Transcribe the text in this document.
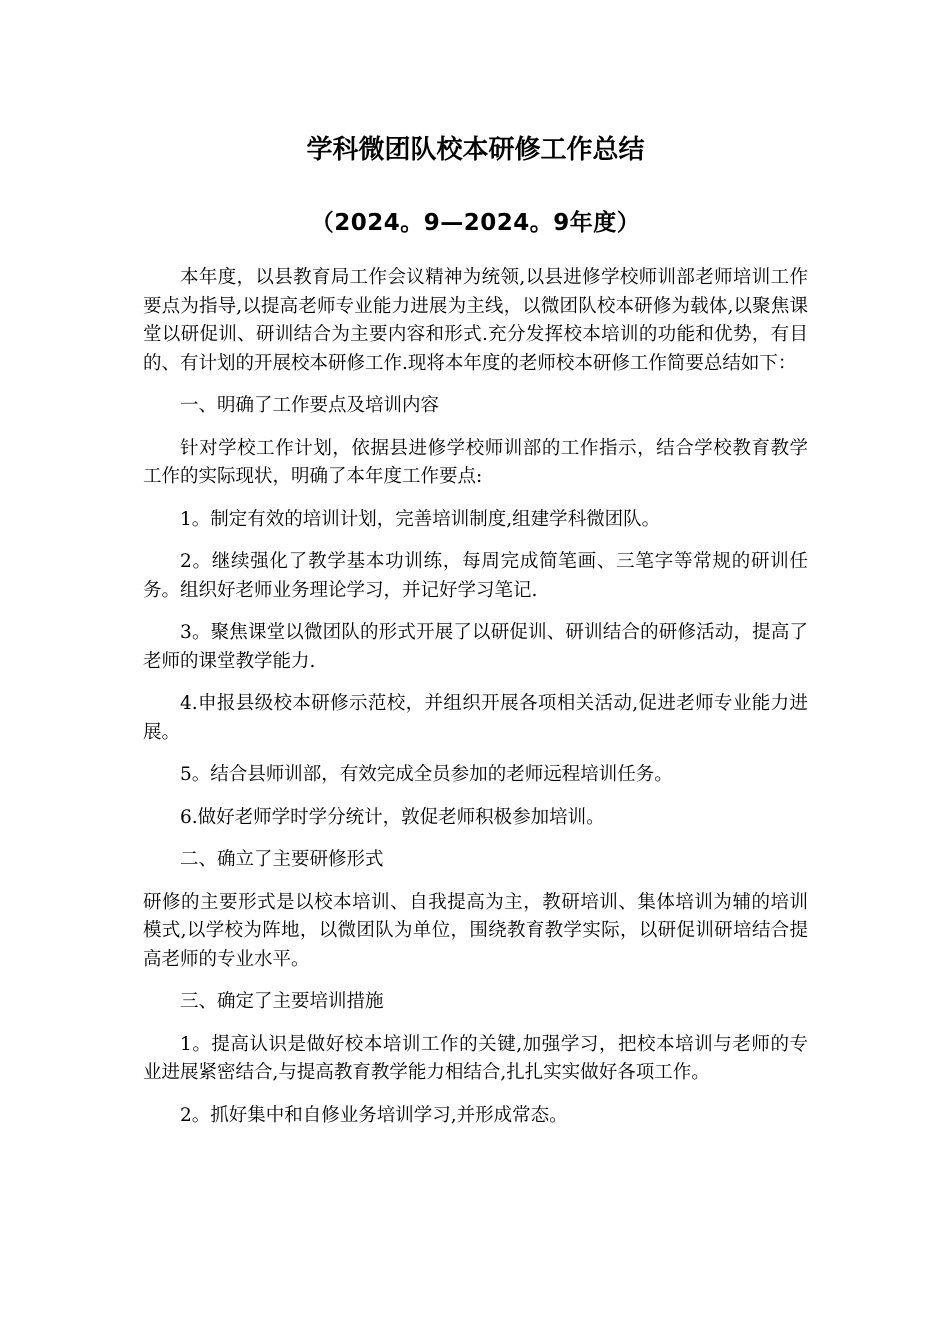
学科微团队校本研修工作总结
（2024。9—2024。9年度）

本年度，以县教育局工作会议精神为统领,以县进修学校师训部老师培训工作要点为指导,以提高老师专业能力进展为主线，以微团队校本研修为载体,以聚焦课堂以研促训、研训结合为主要内容和形式.充分发挥校本培训的功能和优势，有目的、有计划的开展校本研修工作.现将本年度的老师校本研修工作简要总结如下：

一、明确了工作要点及培训内容

针对学校工作计划，依据县进修学校师训部的工作指示，结合学校教育教学工作的实际现状，明确了本年度工作要点:

1。制定有效的培训计划，完善培训制度,组建学科微团队。

2。继续强化了教学基本功训练，每周完成简笔画、三笔字等常规的研训任务。组织好老师业务理论学习，并记好学习笔记.

3。聚焦课堂以微团队的形式开展了以研促训、研训结合的研修活动，提高了老师的课堂教学能力.

4.申报县级校本研修示范校，并组织开展各项相关活动,促进老师专业能力进展。

5。结合县师训部，有效完成全员参加的老师远程培训任务。

6.做好老师学时学分统计，敦促老师积极参加培训。

二、确立了主要研修形式

研修的主要形式是以校本培训、自我提高为主，教研培训、集体培训为辅的培训模式,以学校为阵地，以微团队为单位，围绕教育教学实际，以研促训研培结合提高老师的专业水平。

三、确定了主要培训措施

1。提高认识是做好校本培训工作的关键,加强学习，把校本培训与老师的专业进展紧密结合,与提高教育教学能力相结合,扎扎实实做好各项工作。

2。抓好集中和自修业务培训学习,并形成常态。
